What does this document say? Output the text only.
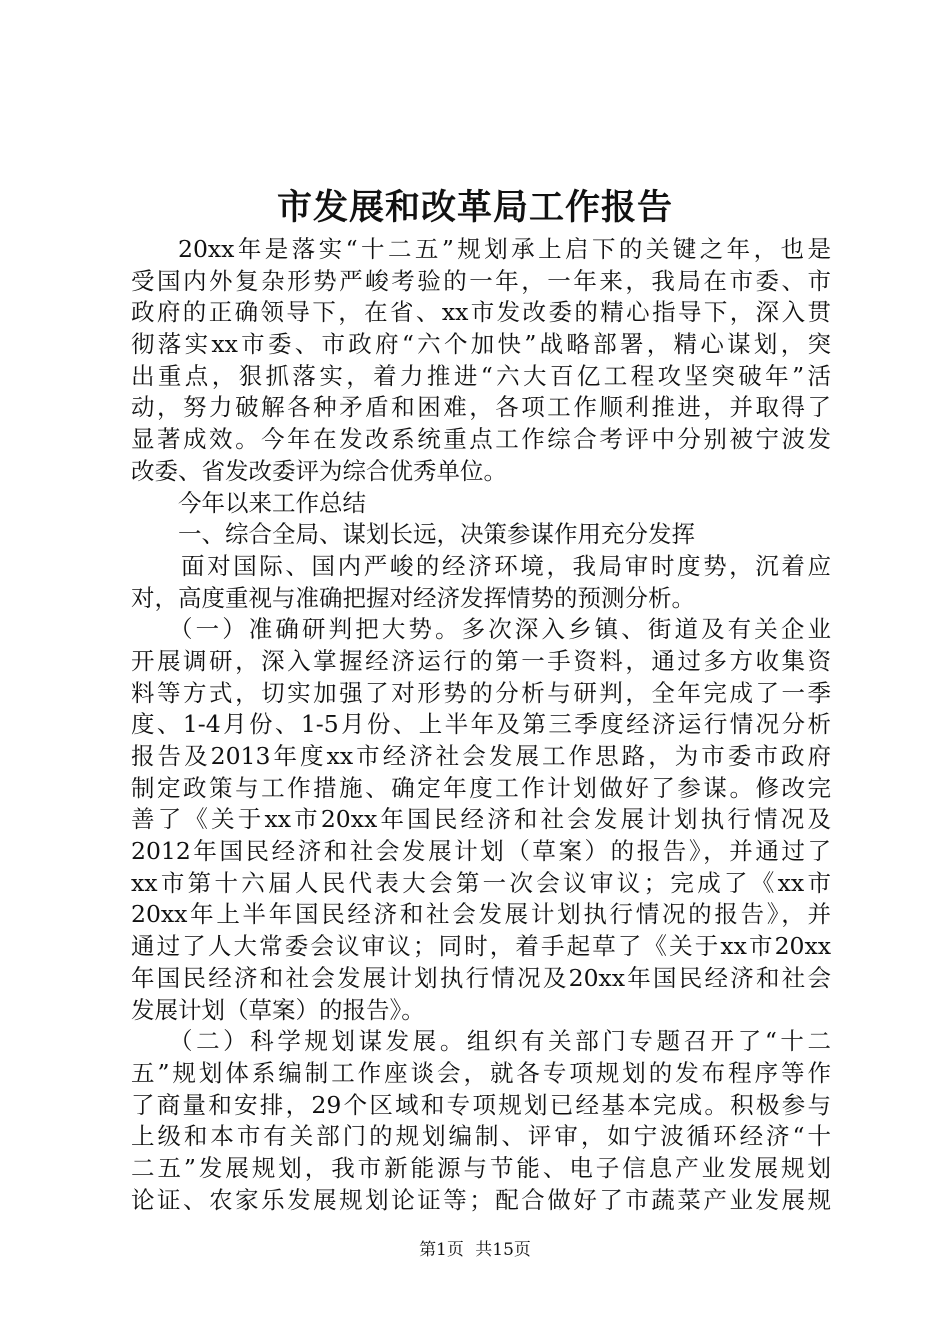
市发展和改革局工作报告
20xx年是落实“十二五”规划承上启下的关键之年，也是
受国内外复杂形势严峻考验的一年，一年来，我局在市委、市
政府的正确领导下，在省、xx市发改委的精心指导下，深入贯
彻落实xx市委、市政府“六个加快”战略部署，精心谋划，突
出重点，狠抓落实，着力推进“六大百亿工程攻坚突破年”活
动，努力破解各种矛盾和困难，各项工作顺利推进，并取得了
显著成效。今年在发改系统重点工作综合考评中分别被宁波发
改委、省发改委评为综合优秀单位。
今年以来工作总结
一、综合全局、谋划长远，决策参谋作用充分发挥
面对国际、国内严峻的经济环境，我局审时度势，沉着应
对，高度重视与准确把握对经济发挥情势的预测分析。
（一）准确研判把大势。多次深入乡镇、街道及有关企业
开展调研，深入掌握经济运行的第一手资料，通过多方收集资
料等方式，切实加强了对形势的分析与研判，全年完成了一季
度、1-4月份、1-5月份、上半年及第三季度经济运行情况分析
报告及2013年度xx市经济社会发展工作思路，为市委市政府
制定政策与工作措施、确定年度工作计划做好了参谋。修改完
善了《关于xx市20xx年国民经济和社会发展计划执行情况及
2012年国民经济和社会发展计划（草案）的报告》，并通过了
xx市第十六届人民代表大会第一次会议审议；完成了《xx市
20xx年上半年国民经济和社会发展计划执行情况的报告》，并
通过了人大常委会议审议；同时，着手起草了《关于xx市20xx
年国民经济和社会发展计划执行情况及20xx年国民经济和社会
发展计划（草案）的报告》。
（二）科学规划谋发展。组织有关部门专题召开了“十二
五”规划体系编制工作座谈会，就各专项规划的发布程序等作
了商量和安排，29个区域和专项规划已经基本完成。积极参与
上级和本市有关部门的规划编制、评审，如宁波循环经济“十
二五”发展规划，我市新能源与节能、电子信息产业发展规划
论证、农家乐发展规划论证等；配合做好了市蔬菜产业发展规
第1页 共15页
